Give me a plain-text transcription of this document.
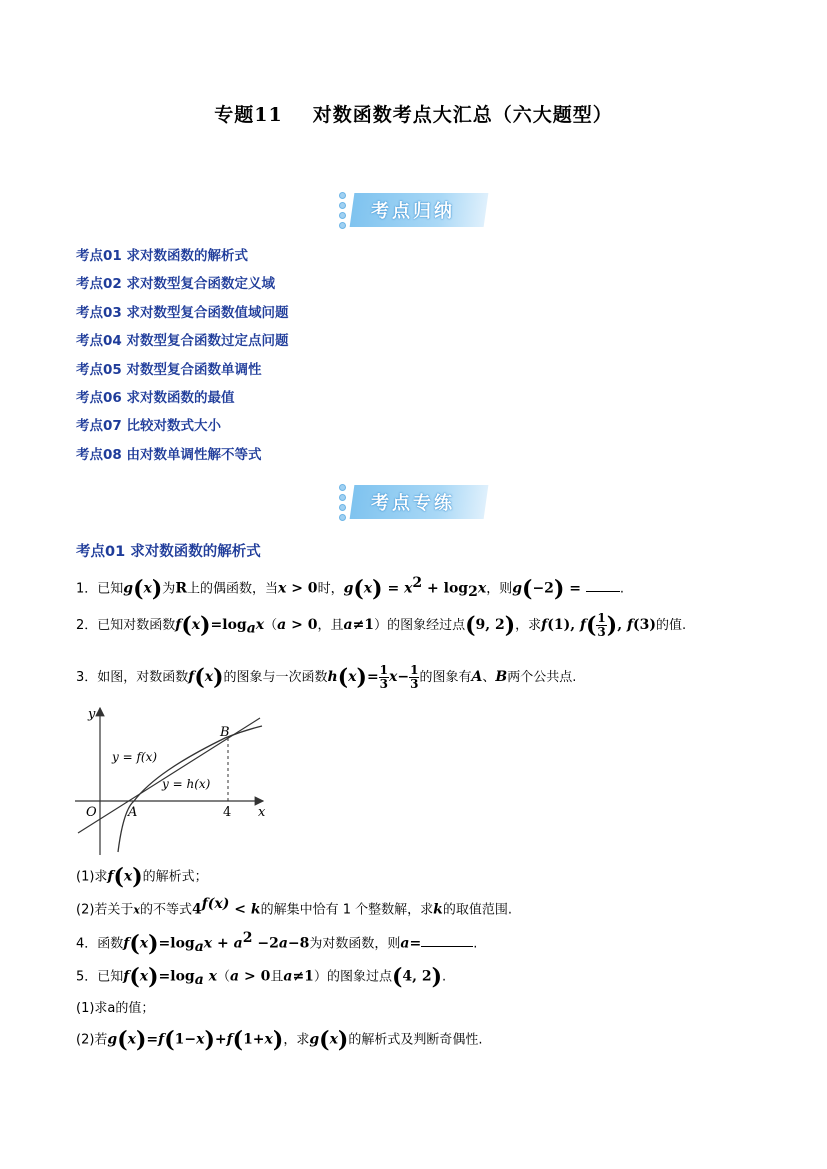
专题11 对数函数考点大汇总（六大题型）
考点归纳
考点01 求对数函数的解析式
考点02 求对数型复合函数定义域
考点03 求对数型复合函数值域问题
考点04 对数型复合函数过定点问题
考点05 对数型复合函数单调性
考点06 求对数函数的最值
考点07 比较对数式大小
考点08 由对数单调性解不等式
考点专练
考点01 求对数函数的解析式
1．已知g(x)为R上的偶函数，当x > 0时，$g(x) = x^2 + \log_2x$，则g(−2) =	.
2．已知对数函数$f(x)=\log_ax(a > 0$，且a≠1）的图象经过点(9, 2)，求f(1), $f( \frac{1}{3}$ ), f(3)的值.
3．如图，对数函数f(x)的图象与一次函数$h(x)= \frac{1}{3} x- \frac{1}{3}$ 的图象有A、B两个公共点.
y
x
O A
B
4
y = f(x)
y = h(x)
(1)求f(x)的解析式；
(2)若关于x的不等式$4^{f(x)} < k$的解集中恰有 1 个整数解，求k的取值范围.
4．函数$f(x)=\log_ax + a^2 -2a-8$为对数函数，则a=	.
5．已知$f(x)=\log_a$ x（a > 0且a≠1）的图象过点(4, 2).
(1)求a的值；
(2)若g(x)=f(1−x)+f(1+x)，求g(x)的解析式及判断奇偶性.
